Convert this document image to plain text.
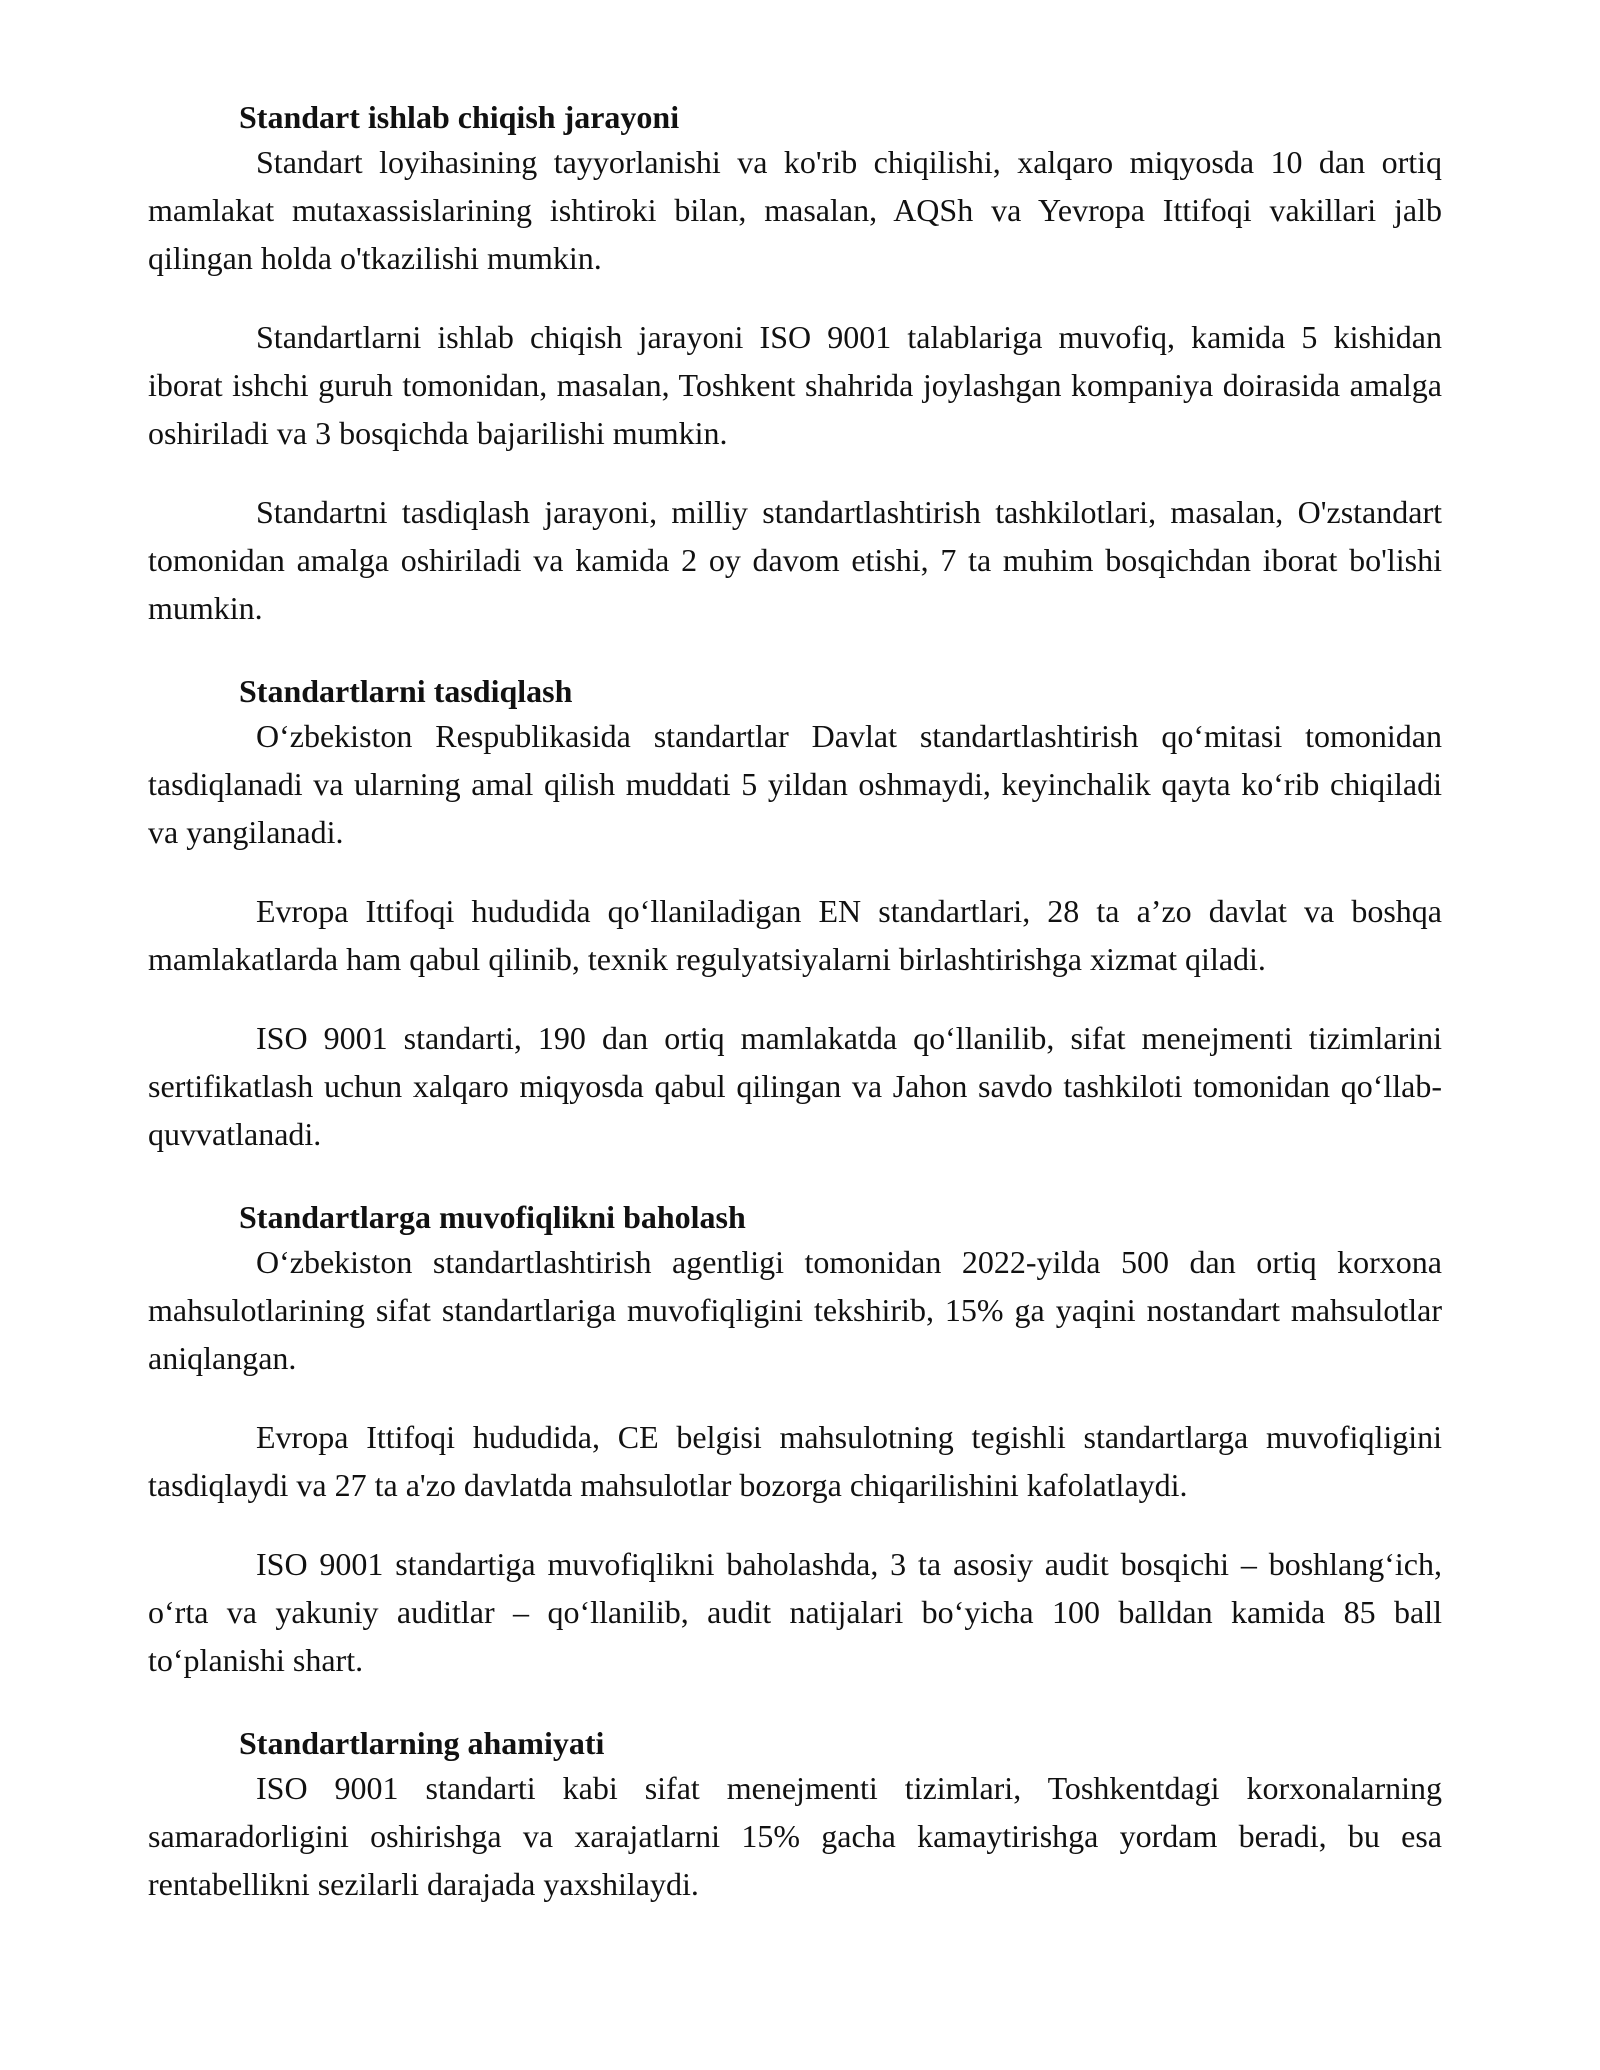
Standart ishlab chiqish jarayoni

Standart loyihasining tayyorlanishi va ko'rib chiqilishi, xalqaro miqyosda 10 dan ortiq mamlakat mutaxassislarining ishtiroki bilan, masalan, AQSh va Yevropa Ittifoqi vakillari jalb qilingan holda o'tkazilishi mumkin.

Standartlarni ishlab chiqish jarayoni ISO 9001 talablariga muvofiq, kamida 5 kishidan iborat ishchi guruh tomonidan, masalan, Toshkent shahrida joylashgan kompaniya doirasida amalga oshiriladi va 3 bosqichda bajarilishi mumkin.

Standartni tasdiqlash jarayoni, milliy standartlashtirish tashkilotlari, masalan, O'zstandart tomonidan amalga oshiriladi va kamida 2 oy davom etishi, 7 ta muhim bosqichdan iborat bo'lishi mumkin.

Standartlarni tasdiqlash

O‘zbekiston Respublikasida standartlar Davlat standartlashtirish qo‘mitasi tomonidan tasdiqlanadi va ularning amal qilish muddati 5 yildan oshmaydi, keyinchalik qayta ko‘rib chiqiladi va yangilanadi.

Evropa Ittifoqi hududida qo‘llaniladigan EN standartlari, 28 ta a’zo davlat va boshqa mamlakatlarda ham qabul qilinib, texnik regulyatsiyalarni birlashtirishga xizmat qiladi.

ISO 9001 standarti, 190 dan ortiq mamlakatda qo‘llanilib, sifat menejmenti tizimlarini sertifikatlash uchun xalqaro miqyosda qabul qilingan va Jahon savdo tashkiloti tomonidan qo‘llab-quvvatlanadi.

Standartlarga muvofiqlikni baholash

O‘zbekiston standartlashtirish agentligi tomonidan 2022-yilda 500 dan ortiq korxona mahsulotlarining sifat standartlariga muvofiqligini tekshirib, 15% ga yaqini nostandart mahsulotlar aniqlangan.

Evropa Ittifoqi hududida, CE belgisi mahsulotning tegishli standartlarga muvofiqligini tasdiqlaydi va 27 ta a'zo davlatda mahsulotlar bozorga chiqarilishini kafolatlaydi.

ISO 9001 standartiga muvofiqlikni baholashda, 3 ta asosiy audit bosqichi – boshlang‘ich, o‘rta va yakuniy auditlar – qo‘llanilib, audit natijalari bo‘yicha 100 balldan kamida 85 ball to‘planishi shart.

Standartlarning ahamiyati

ISO 9001 standarti kabi sifat menejmenti tizimlari, Toshkentdagi korxonalarning samaradorligini oshirishga va xarajatlarni 15% gacha kamaytirishga yordam beradi, bu esa rentabellikni sezilarli darajada yaxshilaydi.
